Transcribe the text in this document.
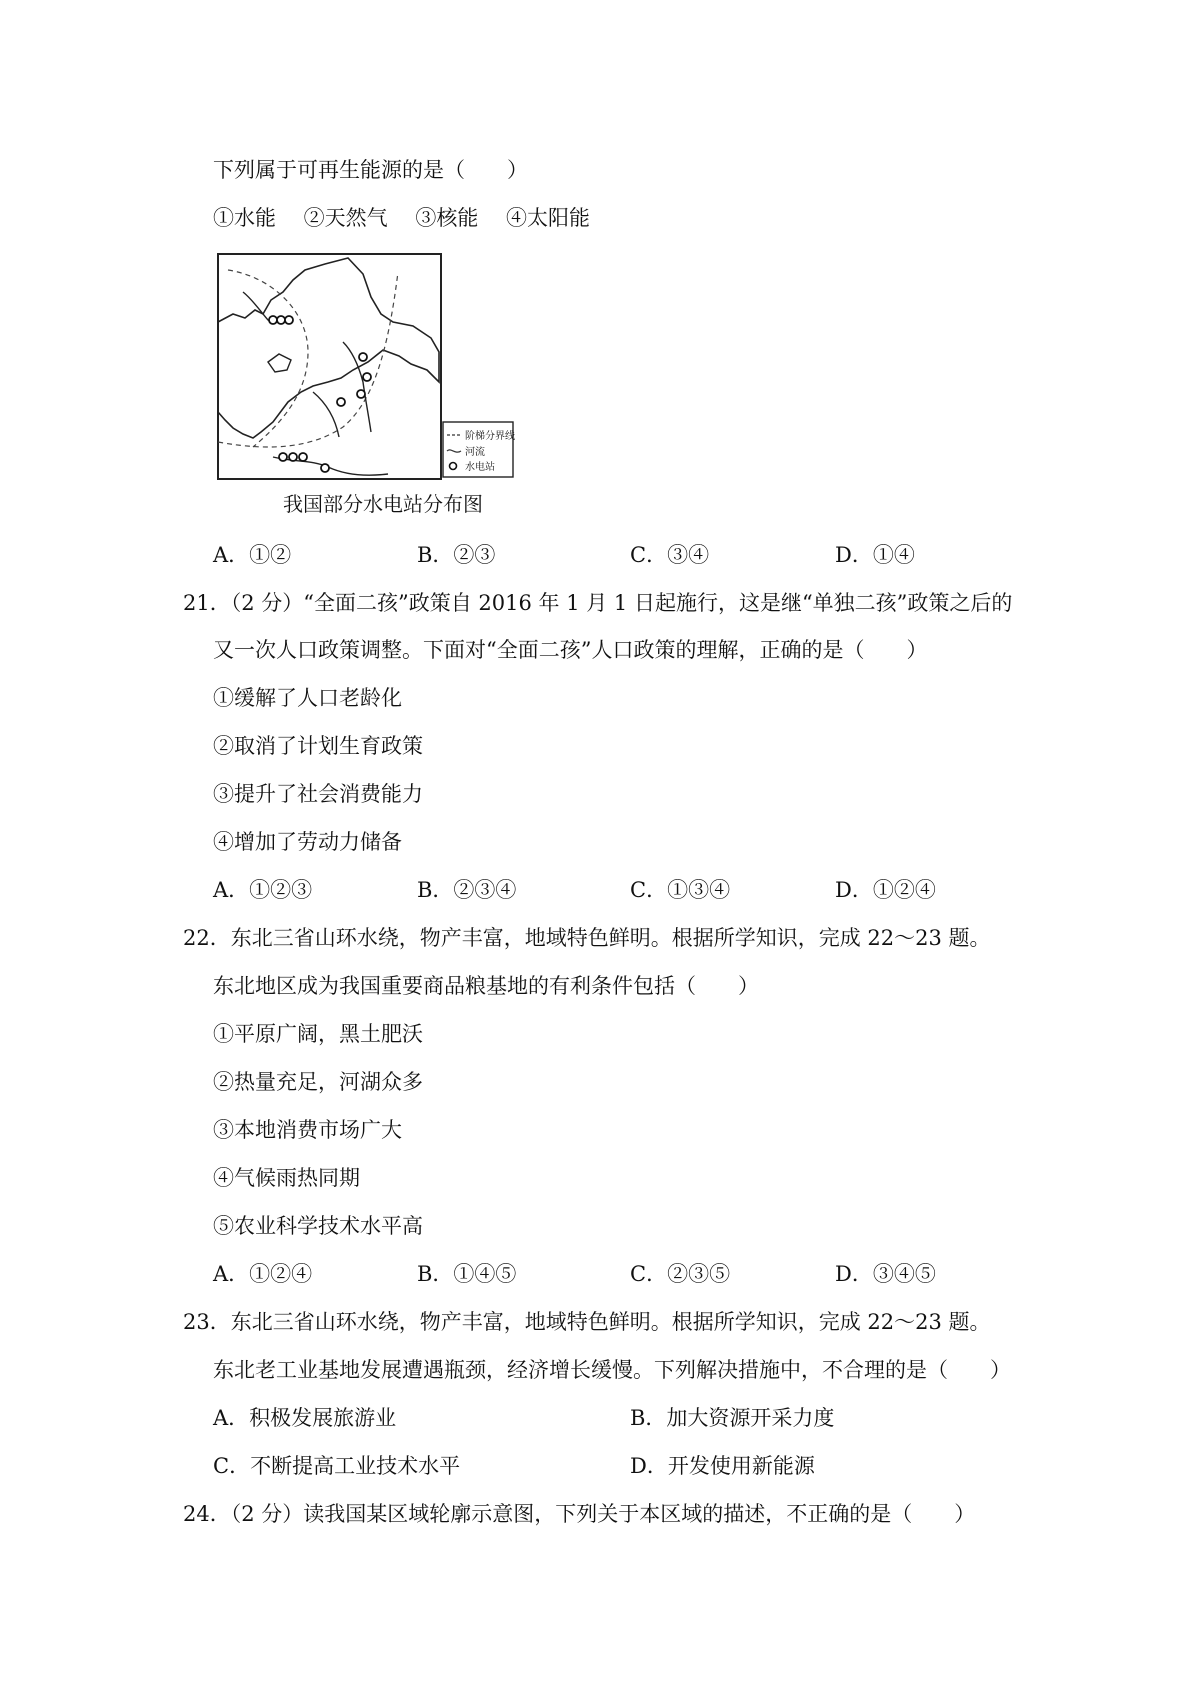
下列属于可再生能源的是（　　）
①水能　 ②天然气　 ③核能　 ④太阳能
阶梯分界线
河流
水电站
我国部分水电站分布图
A．①②	B．②③	C．③④	D．①④
21．（2 分）“全面二孩”政策自 2016 年 1 月 1 日起施行，这是继“单独二孩”政策之后的
又一次人口政策调整。下面对“全面二孩”人口政策的理解，正确的是（　　）
①缓解了人口老龄化
②取消了计划生育政策
③提升了社会消费能力
④增加了劳动力储备
A．①②③	B．②③④	C．①③④	D．①②④
22．东北三省山环水绕，物产丰富，地域特色鲜明。根据所学知识，完成 22～23 题。
东北地区成为我国重要商品粮基地的有利条件包括（　　）
①平原广阔，黑土肥沃
②热量充足，河湖众多
③本地消费市场广大
④气候雨热同期
⑤农业科学技术水平高
A．①②④	B．①④⑤	C．②③⑤	D．③④⑤
23．东北三省山环水绕，物产丰富，地域特色鲜明。根据所学知识，完成 22～23 题。
东北老工业基地发展遭遇瓶颈，经济增长缓慢。下列解决措施中，不合理的是（　　）
A．积极发展旅游业	B．加大资源开采力度
C．不断提高工业技术水平	D．开发使用新能源
24．（2 分）读我国某区域轮廓示意图，下列关于本区域的描述，不正确的是（　　）
